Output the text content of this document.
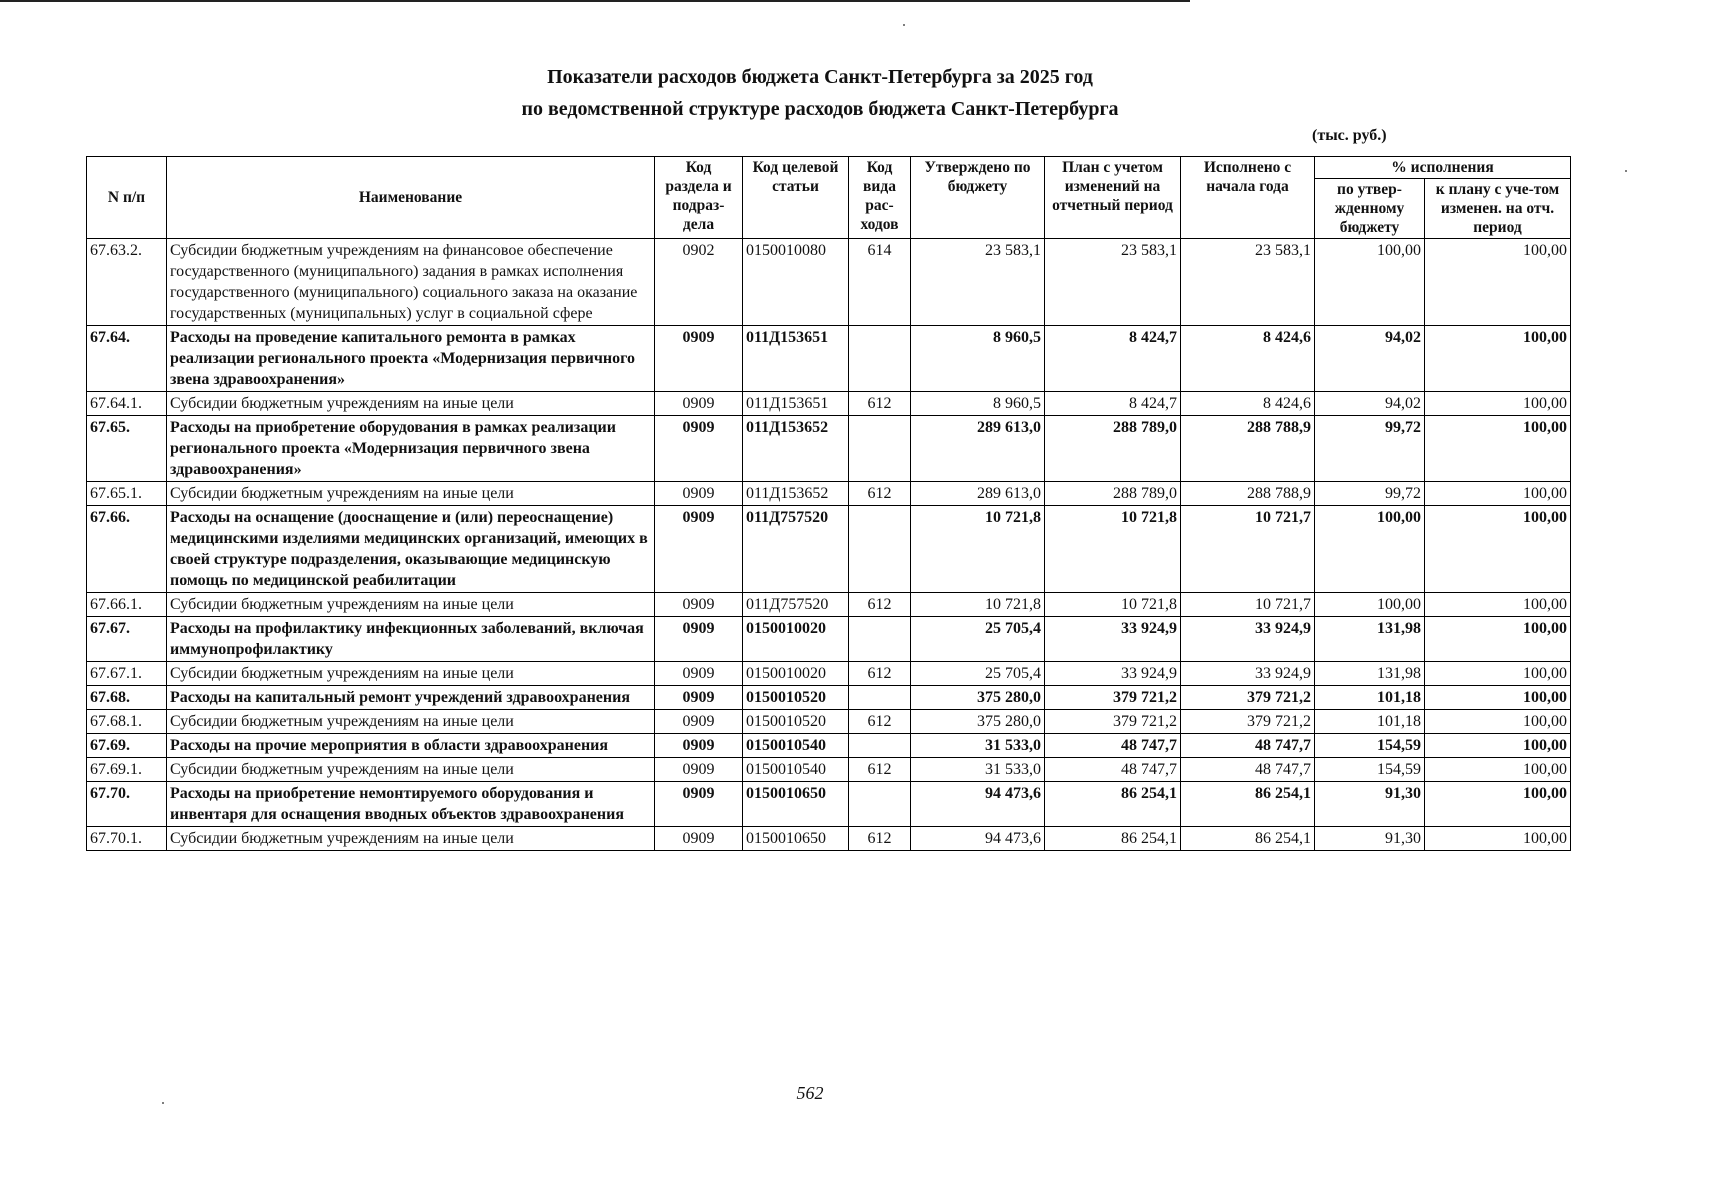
Показатели расходов бюджета Санкт-Петербурга за 2025 год
по ведомственной структуре расходов бюджета Санкт-Петербурга
(тыс. руб.)
N п/п	Наименование	Код раздела и подраз-дела	Код целевой статьи	Код вида рас-ходов	Утверждено по бюджету	План с учетом изменений на отчетный период	Исполнено с начала года	% исполнения	
								по утвер-жденному бюджету	к плану с уче-том изменен. на отч. период
67.63.2.	Субсидии бюджетным учреждениям на финансовое обеспечение государственного (муниципального) задания в рамках исполнения государственного (муниципального) социального заказа на оказание государственных (муниципальных) услуг в социальной сфере	0902	0150010080	614	23 583,1	23 583,1	23 583,1	100,00	100,00
67.64.	Расходы на проведение капитального ремонта в рамках реализации регионального проекта «Модернизация первичного звена здравоохранения»	0909	011Д153651		8 960,5	8 424,7	8 424,6	94,02	100,00
67.64.1.	Субсидии бюджетным учреждениям на иные цели	0909	011Д153651	612	8 960,5	8 424,7	8 424,6	94,02	100,00
67.65.	Расходы на приобретение оборудования в рамках реализации регионального проекта «Модернизация первичного звена здравоохранения»	0909	011Д153652		289 613,0	288 789,0	288 788,9	99,72	100,00
67.65.1.	Субсидии бюджетным учреждениям на иные цели	0909	011Д153652	612	289 613,0	288 789,0	288 788,9	99,72	100,00
67.66.	Расходы на оснащение (дооснащение и (или) переоснащение) медицинскими изделиями медицинских организаций, имеющих в своей структуре подразделения, оказывающие медицинскую помощь по медицинской реабилитации	0909	011Д757520		10 721,8	10 721,8	10 721,7	100,00	100,00
67.66.1.	Субсидии бюджетным учреждениям на иные цели	0909	011Д757520	612	10 721,8	10 721,8	10 721,7	100,00	100,00
67.67.	Расходы на профилактику инфекционных заболеваний, включая иммунопрофилактику	0909	0150010020		25 705,4	33 924,9	33 924,9	131,98	100,00
67.67.1.	Субсидии бюджетным учреждениям на иные цели	0909	0150010020	612	25 705,4	33 924,9	33 924,9	131,98	100,00
67.68.	Расходы на капитальный ремонт учреждений здравоохранения	0909	0150010520		375 280,0	379 721,2	379 721,2	101,18	100,00
67.68.1.	Субсидии бюджетным учреждениям на иные цели	0909	0150010520	612	375 280,0	379 721,2	379 721,2	101,18	100,00
67.69.	Расходы на прочие мероприятия в области здравоохранения	0909	0150010540		31 533,0	48 747,7	48 747,7	154,59	100,00
67.69.1.	Субсидии бюджетным учреждениям на иные цели	0909	0150010540	612	31 533,0	48 747,7	48 747,7	154,59	100,00
67.70.	Расходы на приобретение немонтируемого оборудования и инвентаря для оснащения вводных объектов здравоохранения	0909	0150010650		94 473,6	86 254,1	86 254,1	91,30	100,00
67.70.1.	Субсидии бюджетным учреждениям на иные цели	0909	0150010650	612	94 473,6	86 254,1	86 254,1	91,30	100,00
562
